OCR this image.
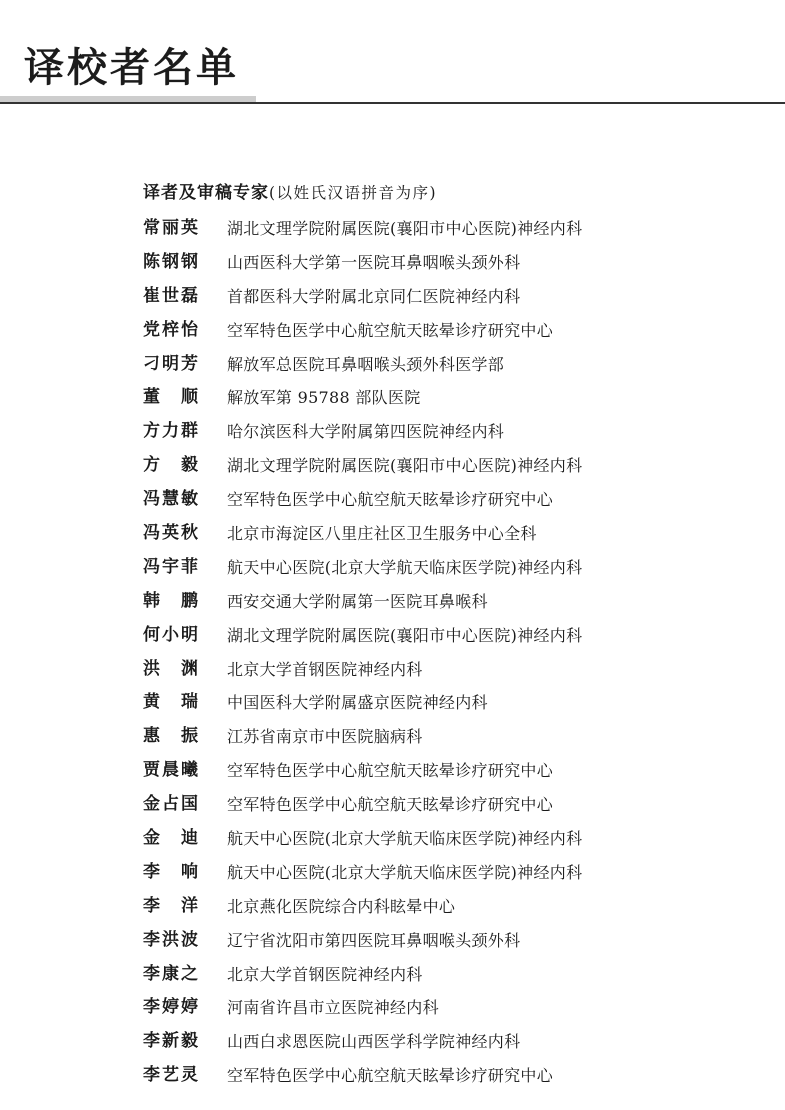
译校者名单
译者及审稿专家(以姓氏汉语拼音为序)
常丽英	湖北文理学院附属医院(襄阳市中心医院)神经内科
陈钢钢	山西医科大学第一医院耳鼻咽喉头颈外科
崔世磊	首都医科大学附属北京同仁医院神经内科
党梓怡	空军特色医学中心航空航天眩晕诊疗研究中心
刁明芳	解放军总医院耳鼻咽喉头颈外科医学部
董　顺	解放军第 95788 部队医院
方力群	哈尔滨医科大学附属第四医院神经内科
方　毅	湖北文理学院附属医院(襄阳市中心医院)神经内科
冯慧敏	空军特色医学中心航空航天眩晕诊疗研究中心
冯英秋	北京市海淀区八里庄社区卫生服务中心全科
冯宇菲	航天中心医院(北京大学航天临床医学院)神经内科
韩　鹏	西安交通大学附属第一医院耳鼻喉科
何小明	湖北文理学院附属医院(襄阳市中心医院)神经内科
洪　渊	北京大学首钢医院神经内科
黄　瑞	中国医科大学附属盛京医院神经内科
惠　振	江苏省南京市中医院脑病科
贾晨曦	空军特色医学中心航空航天眩晕诊疗研究中心
金占国	空军特色医学中心航空航天眩晕诊疗研究中心
金　迪	航天中心医院(北京大学航天临床医学院)神经内科
李　响	航天中心医院(北京大学航天临床医学院)神经内科
李　洋	北京燕化医院综合内科眩晕中心
李洪波	辽宁省沈阳市第四医院耳鼻咽喉头颈外科
李康之	北京大学首钢医院神经内科
李婷婷	河南省许昌市立医院神经内科
李新毅	山西白求恩医院山西医学科学院神经内科
李艺灵	空军特色医学中心航空航天眩晕诊疗研究中心
